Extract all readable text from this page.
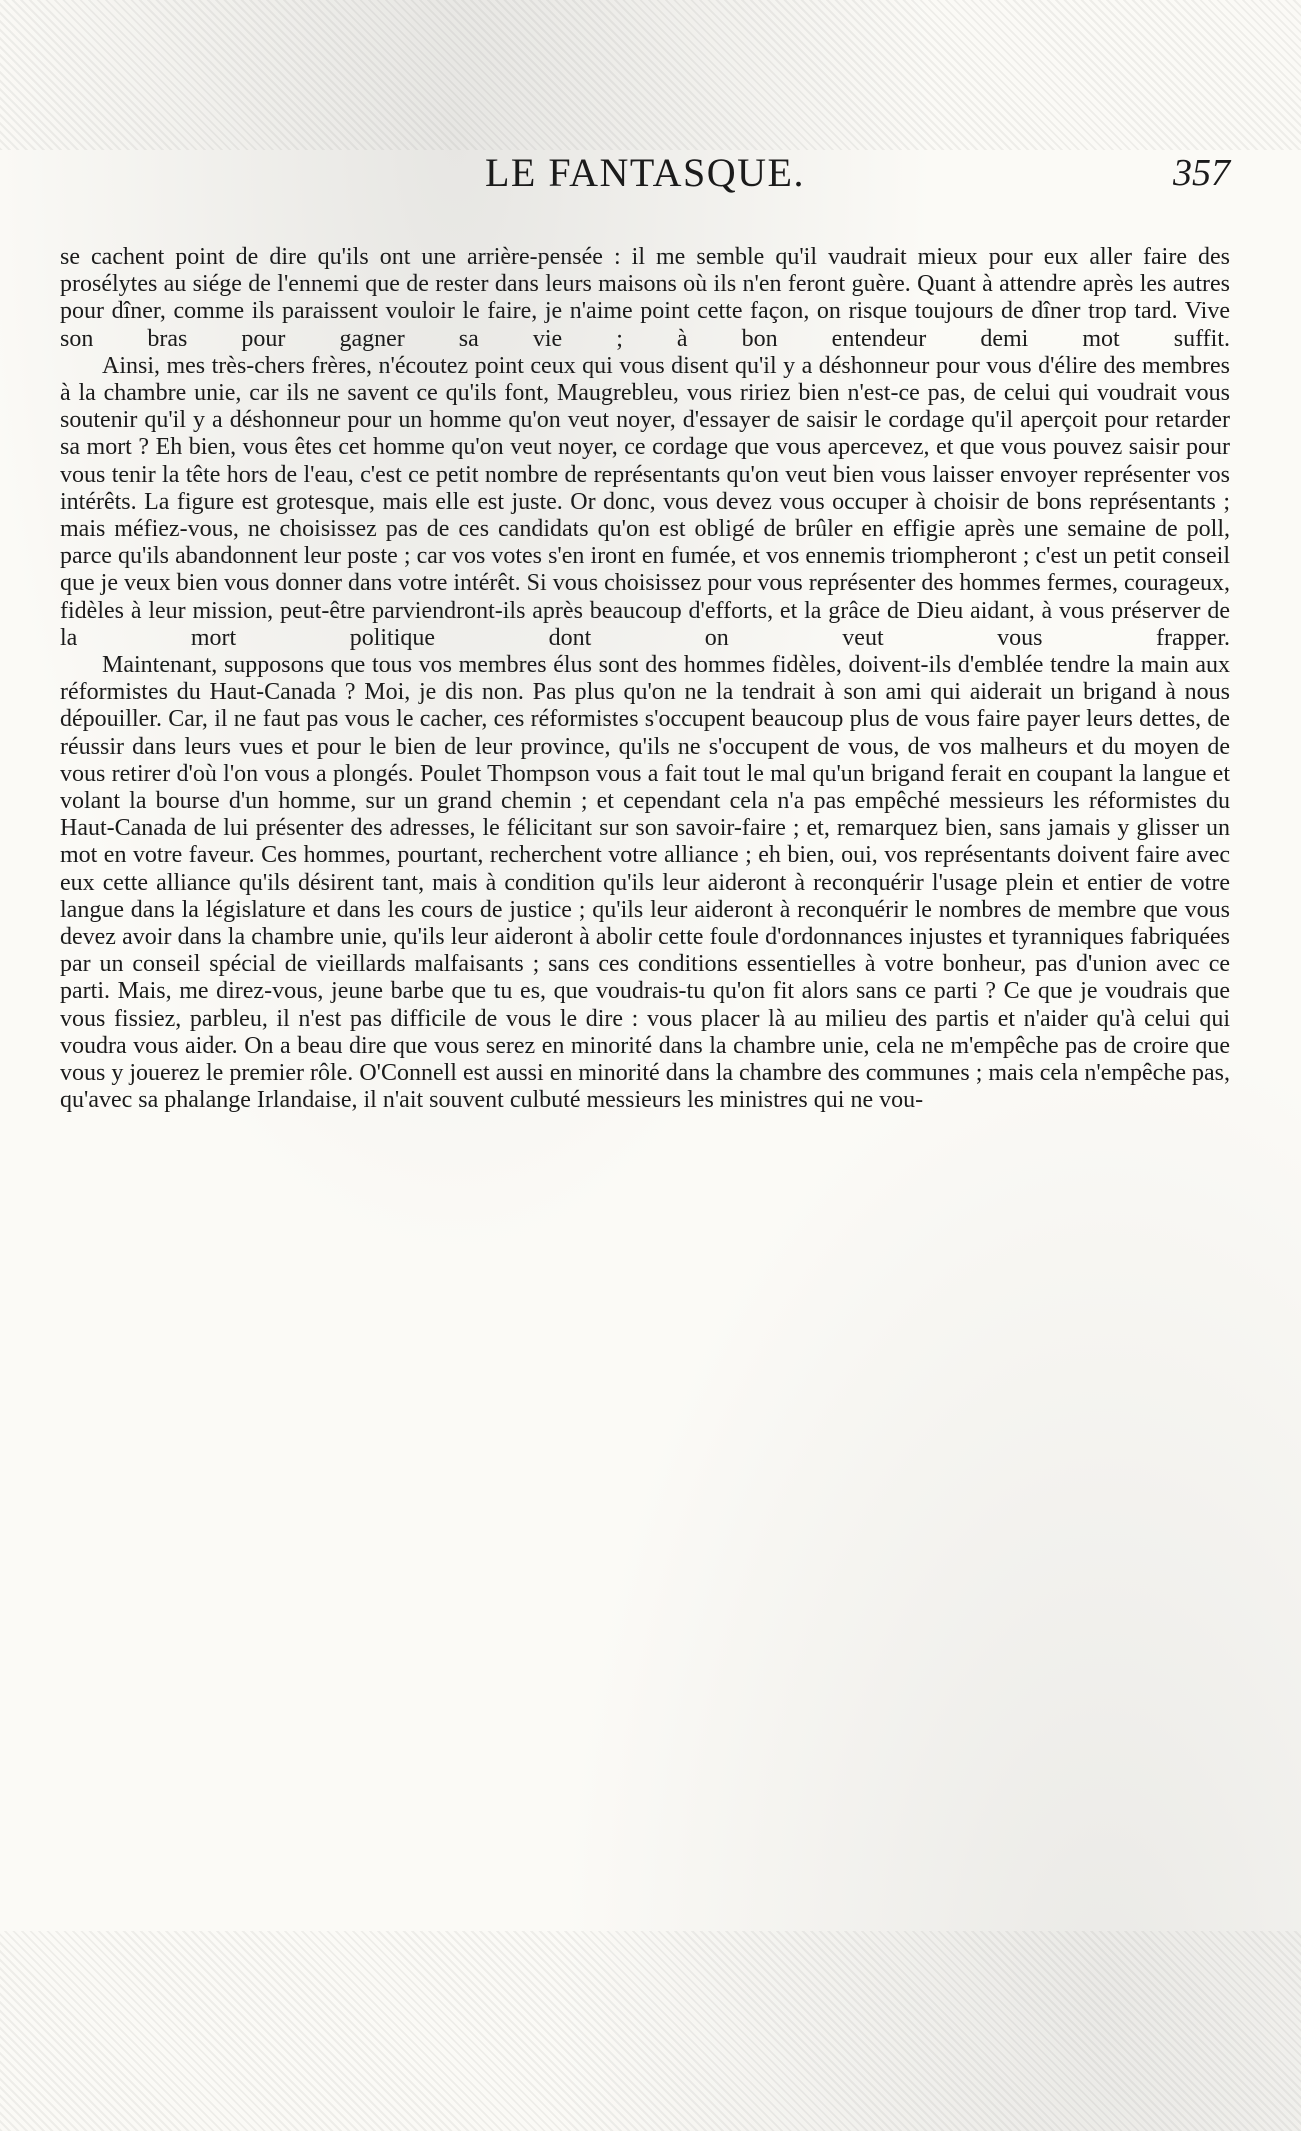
LE FANTASQUE.	357

se cachent point de dire qu'ils ont une arrière-pensée : il me semble qu'il vaudrait mieux pour eux aller faire des prosélytes au siége de l'ennemi que de rester dans leurs maisons où ils n'en feront guère. Quant à attendre après les autres pour dîner, comme ils paraissent vouloir le faire, je n'aime point cette façon, on risque toujours de dîner trop tard. Vive son bras pour gagner sa vie ; à bon entendeur demi mot suffit.

Ainsi, mes très-chers frères, n'écoutez point ceux qui vous disent qu'il y a déshonneur pour vous d'élire des membres à la chambre unie, car ils ne savent ce qu'ils font, Maugrebleu, vous ririez bien n'est-ce pas, de celui qui voudrait vous soutenir qu'il y a déshonneur pour un homme qu'on veut noyer, d'essayer de saisir le cordage qu'il aperçoit pour retarder sa mort ? Eh bien, vous êtes cet homme qu'on veut noyer, ce cordage que vous apercevez, et que vous pouvez saisir pour vous tenir la tête hors de l'eau, c'est ce petit nombre de représentants qu'on veut bien vous laisser envoyer représenter vos intérêts. La figure est grotesque, mais elle est juste. Or donc, vous devez vous occuper à choisir de bons représentants ; mais méfiez-vous, ne choisissez pas de ces candidats qu'on est obligé de brûler en effigie après une semaine de poll, parce qu'ils abandonnent leur poste ; car vos votes s'en iront en fumée, et vos ennemis triompheront ; c'est un petit conseil que je veux bien vous donner dans votre intérêt. Si vous choisissez pour vous représenter des hommes fermes, courageux, fidèles à leur mission, peut-être parviendront-ils après beaucoup d'efforts, et la grâce de Dieu aidant, à vous préserver de la mort politique dont on veut vous frapper.

Maintenant, supposons que tous vos membres élus sont des hommes fidèles, doivent-ils d'emblée tendre la main aux réformistes du Haut-Canada ? Moi, je dis non. Pas plus qu'on ne la tendrait à son ami qui aiderait un brigand à nous dépouiller. Car, il ne faut pas vous le cacher, ces réformistes s'occupent beaucoup plus de vous faire payer leurs dettes, de réussir dans leurs vues et pour le bien de leur province, qu'ils ne s'occupent de vous, de vos malheurs et du moyen de vous retirer d'où l'on vous a plongés. Poulet Thompson vous a fait tout le mal qu'un brigand ferait en coupant la langue et volant la bourse d'un homme, sur un grand chemin ; et cependant cela n'a pas empêché messieurs les réformistes du Haut-Canada de lui présenter des adresses, le félicitant sur son savoir-faire ; et, remarquez bien, sans jamais y glisser un mot en votre faveur. Ces hommes, pourtant, recherchent votre alliance ; eh bien, oui, vos représentants doivent faire avec eux cette alliance qu'ils désirent tant, mais à condition qu'ils leur aideront à reconquérir l'usage plein et entier de votre langue dans la législature et dans les cours de justice ; qu'ils leur aideront à reconquérir le nombres de membre que vous devez avoir dans la chambre unie, qu'ils leur aideront à abolir cette foule d'ordonnances injustes et tyranniques fabriquées par un conseil spécial de vieillards malfaisants ; sans ces conditions essentielles à votre bonheur, pas d'union avec ce parti. Mais, me direz-vous, jeune barbe que tu es, que voudrais-tu qu'on fit alors sans ce parti ? Ce que je voudrais que vous fissiez, parbleu, il n'est pas difficile de vous le dire : vous placer là au milieu des partis et n'aider qu'à celui qui voudra vous aider. On a beau dire que vous serez en minorité dans la chambre unie, cela ne m'empêche pas de croire que vous y jouerez le premier rôle. O'Connell est aussi en minorité dans la chambre des communes ; mais cela n'empêche pas, qu'avec sa phalange Irlandaise, il n'ait souvent culbuté messieurs les ministres qui ne vou-
